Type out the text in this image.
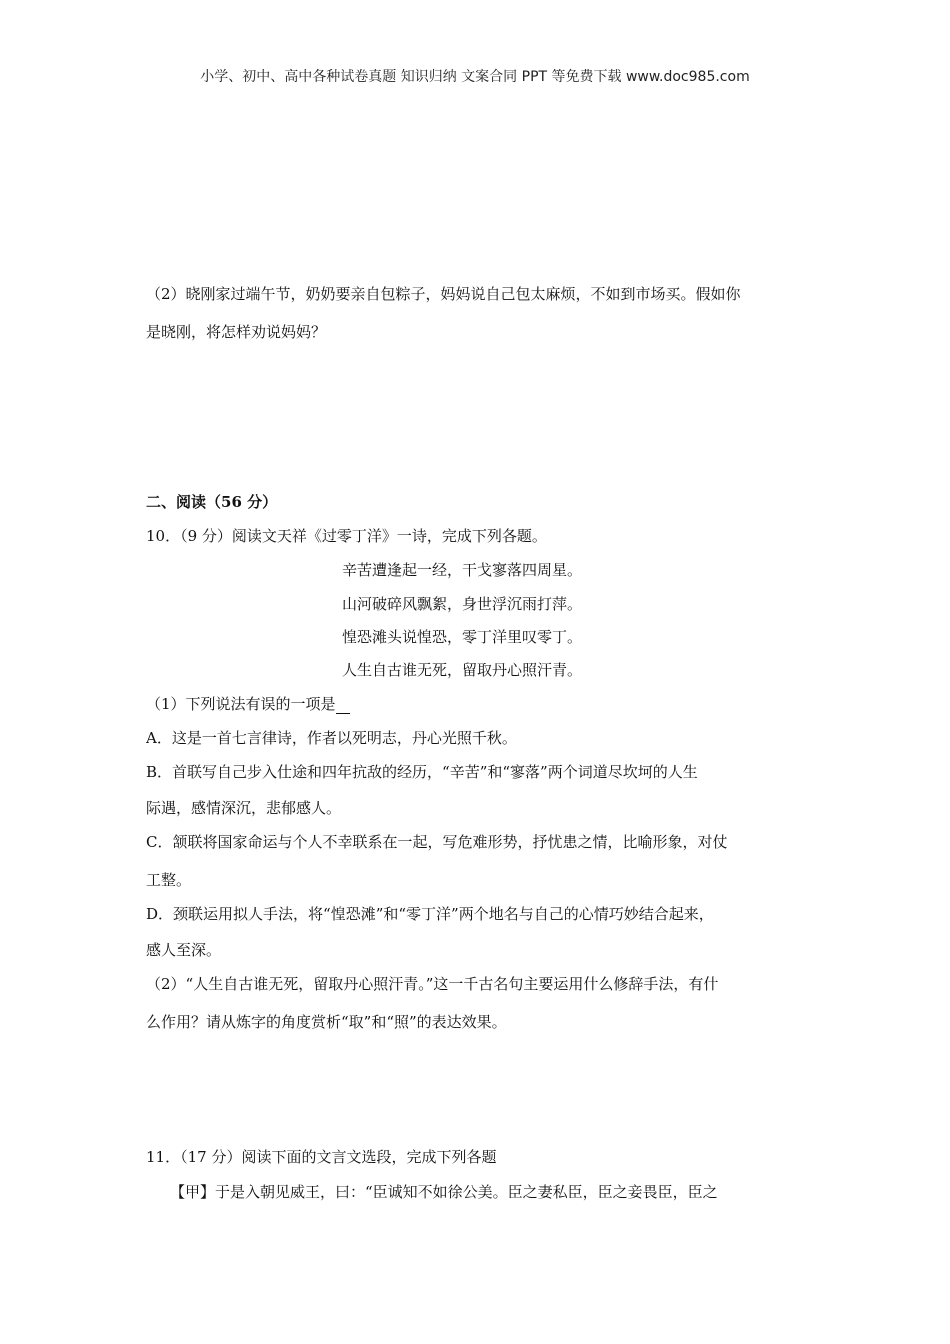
小学、初中、高中各种试卷真题 知识归纳 文案合同 PPT 等免费下载 www.doc985.com
（2）晓刚家过端午节，奶奶要亲自包粽子，妈妈说自己包太麻烦，不如到市场买。假如你
是晓刚，将怎样劝说妈妈？
二、阅读（56 分）
10．（9 分）阅读文天祥《过零丁洋》一诗，完成下列各题。
辛苦遭逢起一经，干戈寥落四周星。
山河破碎风飘絮，身世浮沉雨打萍。
惶恐滩头说惶恐，零丁洋里叹零丁。
人生自古谁无死，留取丹心照汗青。
（1）下列说法有误的一项是
A．这是一首七言律诗，作者以死明志，丹心光照千秋。
B．首联写自己步入仕途和四年抗敌的经历，“辛苦”和“寥落”两个词道尽坎坷的人生
际遇，感情深沉，悲郁感人。
C．颔联将国家命运与个人不幸联系在一起，写危难形势，抒忧患之情，比喻形象，对仗
工整。
D．颈联运用拟人手法，将“惶恐滩”和“零丁洋”两个地名与自己的心情巧妙结合起来，
感人至深。
（2）“人生自古谁无死，留取丹心照汗青。”这一千古名句主要运用什么修辞手法，有什
么作用？请从炼字的角度赏析“取”和“照”的表达效果。
11．（17 分）阅读下面的文言文选段，完成下列各题
【甲】于是入朝见威王，曰：“臣诚知不如徐公美。臣之妻私臣，臣之妾畏臣，臣之
